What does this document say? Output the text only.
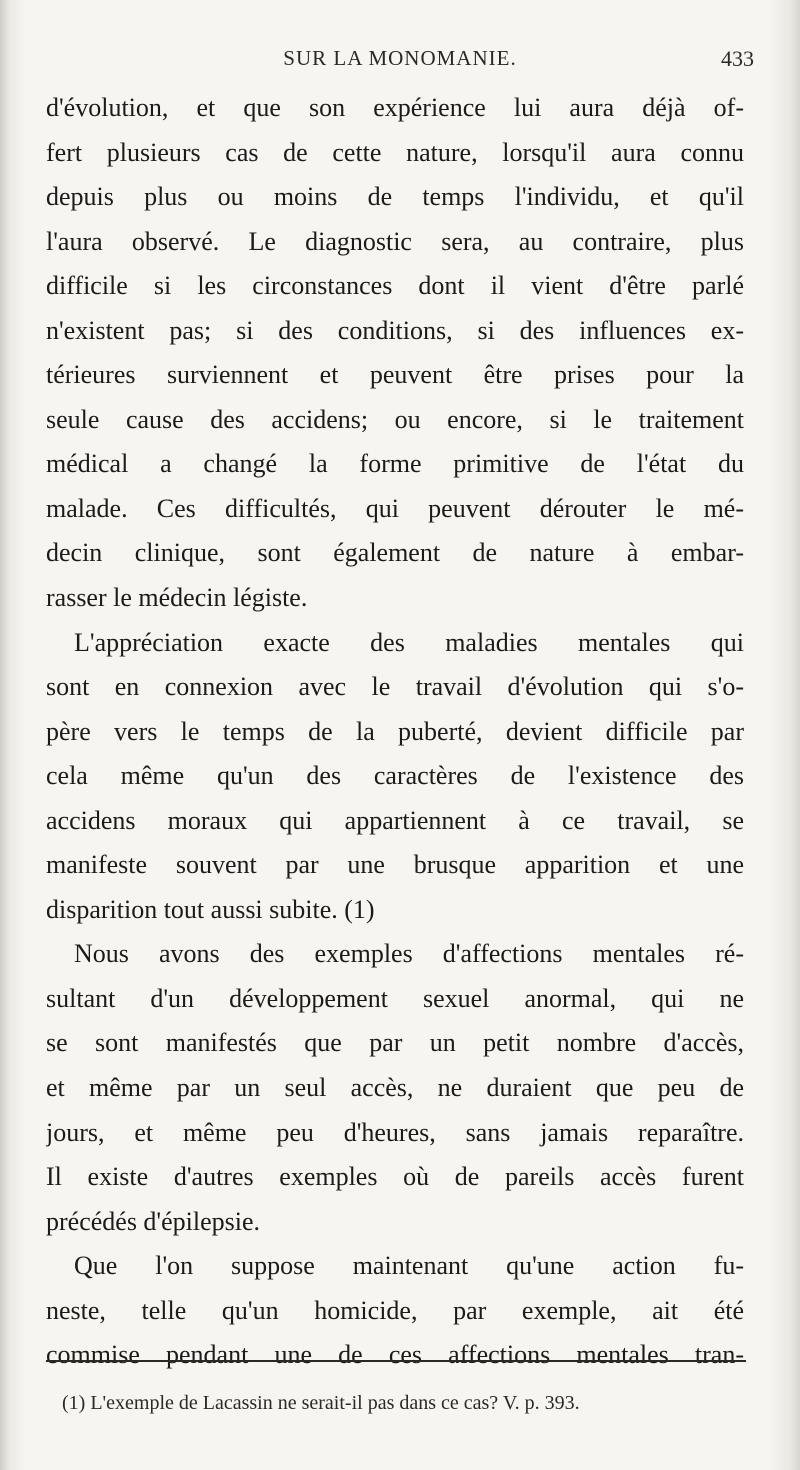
SUR LA MONOMANIE.	433
d'évolution, et que son expérience lui aura déjà of-
fert plusieurs cas de cette nature, lorsqu'il aura connu
depuis plus ou moins de temps l'individu, et qu'il
l'aura observé. Le diagnostic sera, au contraire, plus
difficile si les circonstances dont il vient d'être parlé
n'existent pas; si des conditions, si des influences ex-
térieures surviennent et peuvent être prises pour la
seule cause des accidens; ou encore, si le traitement
médical a changé la forme primitive de l'état du
malade. Ces difficultés, qui peuvent dérouter le mé-
decin clinique, sont également de nature à embar-
rasser le médecin légiste.
L'appréciation exacte des maladies mentales qui
sont en connexion avec le travail d'évolution qui s'o-
père vers le temps de la puberté, devient difficile par
cela même qu'un des caractères de l'existence des
accidens moraux qui appartiennent à ce travail, se
manifeste souvent par une brusque apparition et une
disparition tout aussi subite. (1)
Nous avons des exemples d'affections mentales ré-
sultant d'un développement sexuel anormal, qui ne
se sont manifestés que par un petit nombre d'accès,
et même par un seul accès, ne duraient que peu de
jours, et même peu d'heures, sans jamais reparaître.
Il existe d'autres exemples où de pareils accès furent
précédés d'épilepsie.
Que l'on suppose maintenant qu'une action fu-
neste, telle qu'un homicide, par exemple, ait été
commise pendant une de ces affections mentales tran-
(1) L'exemple de Lacassin ne serait-il pas dans ce cas? V. p. 393.
